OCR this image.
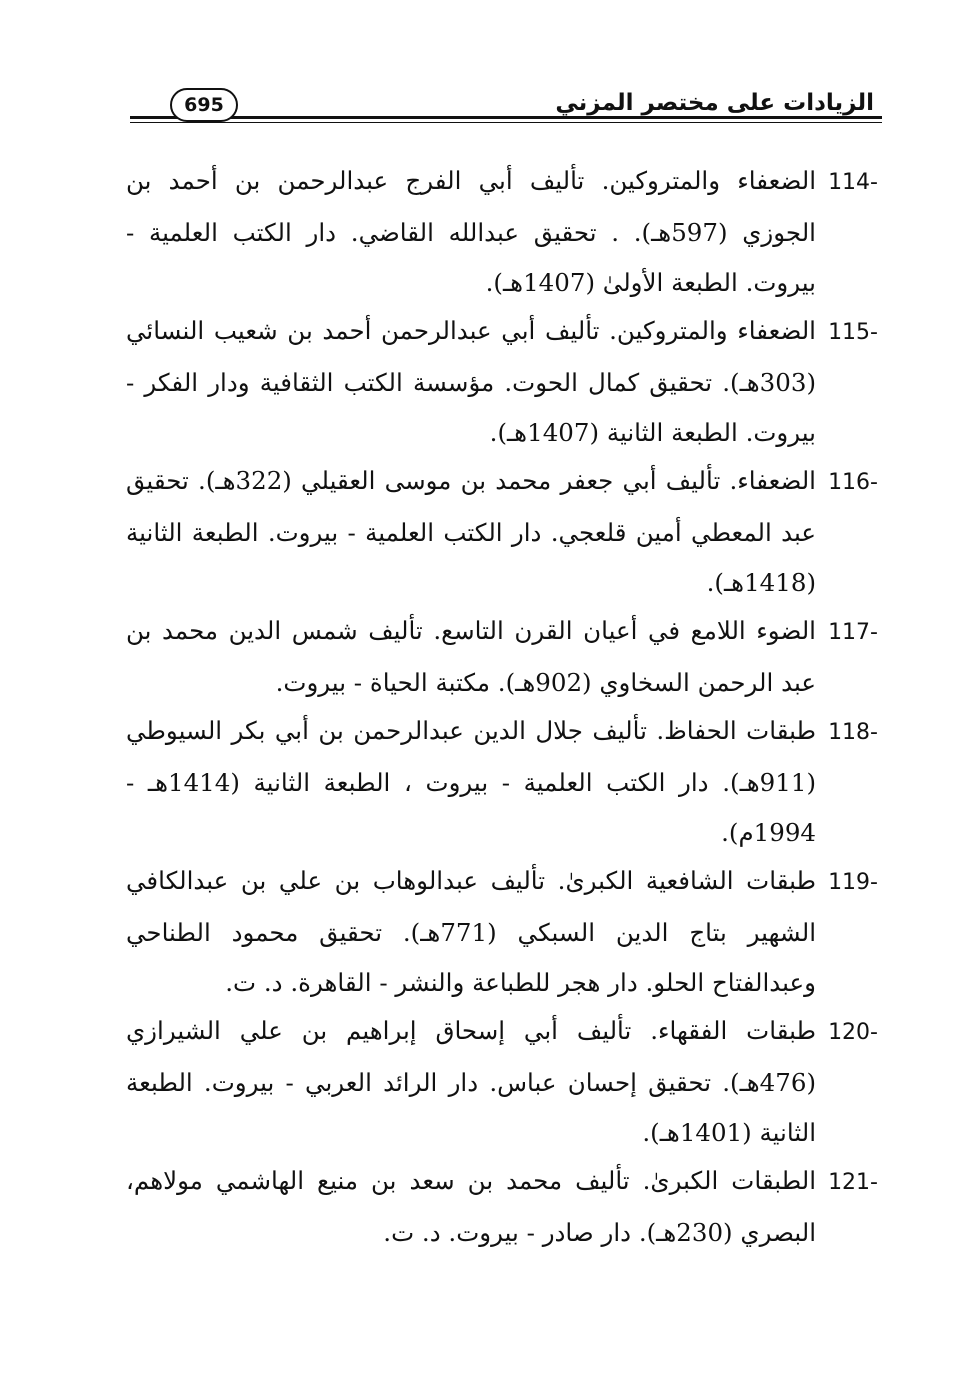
695	الزيادات على مختصر المزني
114-الضعفاء والمتروكين. تأليف أبي الفرج عبدالرحمن بن أحمد بن الجوزي (597هـ). . تحقيق عبدالله القاضي. دار الكتب العلمية - بيروت. الطبعة الأولىٰ (1407هـ).
115-الضعفاء والمتروكين. تأليف أبي عبدالرحمن أحمد بن شعيب النسائي (303هـ). تحقيق كمال الحوت. مؤسسة الكتب الثقافية ودار الفكر - بيروت. الطبعة الثانية (1407هـ).
116-الضعفاء. تأليف أبي جعفر محمد بن موسى العقيلي (322هـ). تحقيق عبد المعطي أمين قلعجي. دار الكتب العلمية - بيروت. الطبعة الثانية (1418هـ).
117-الضوء اللامع في أعيان القرن التاسع. تأليف شمس الدين محمد بن عبد الرحمن السخاوي (902هـ). مكتبة الحياة - بيروت.
118-طبقات الحفاظ. تأليف جلال الدين عبدالرحمن بن أبي بكر السيوطي (911هـ). دار الكتب العلمية - بيروت ، الطبعة الثانية (1414هـ - 1994م).
119-طبقات الشافعية الكبرىٰ. تأليف عبدالوهاب بن علي بن عبدالكافي الشهير بتاج الدين السبكي (771هـ). تحقيق محمود الطناحي وعبدالفتاح الحلو. دار هجر للطباعة والنشر - القاهرة. د. ت.
120-طبقات الفقهاء. تأليف أبي إسحاق إبراهيم بن علي الشيرازي (476هـ). تحقيق إحسان عباس. دار الرائد العربي - بيروت. الطبعة الثانية (1401هـ).
121-الطبقات الكبرىٰ. تأليف محمد بن سعد بن منيع الهاشمي مولاهم، البصري (230هـ). دار صادر - بيروت. د. ت.
